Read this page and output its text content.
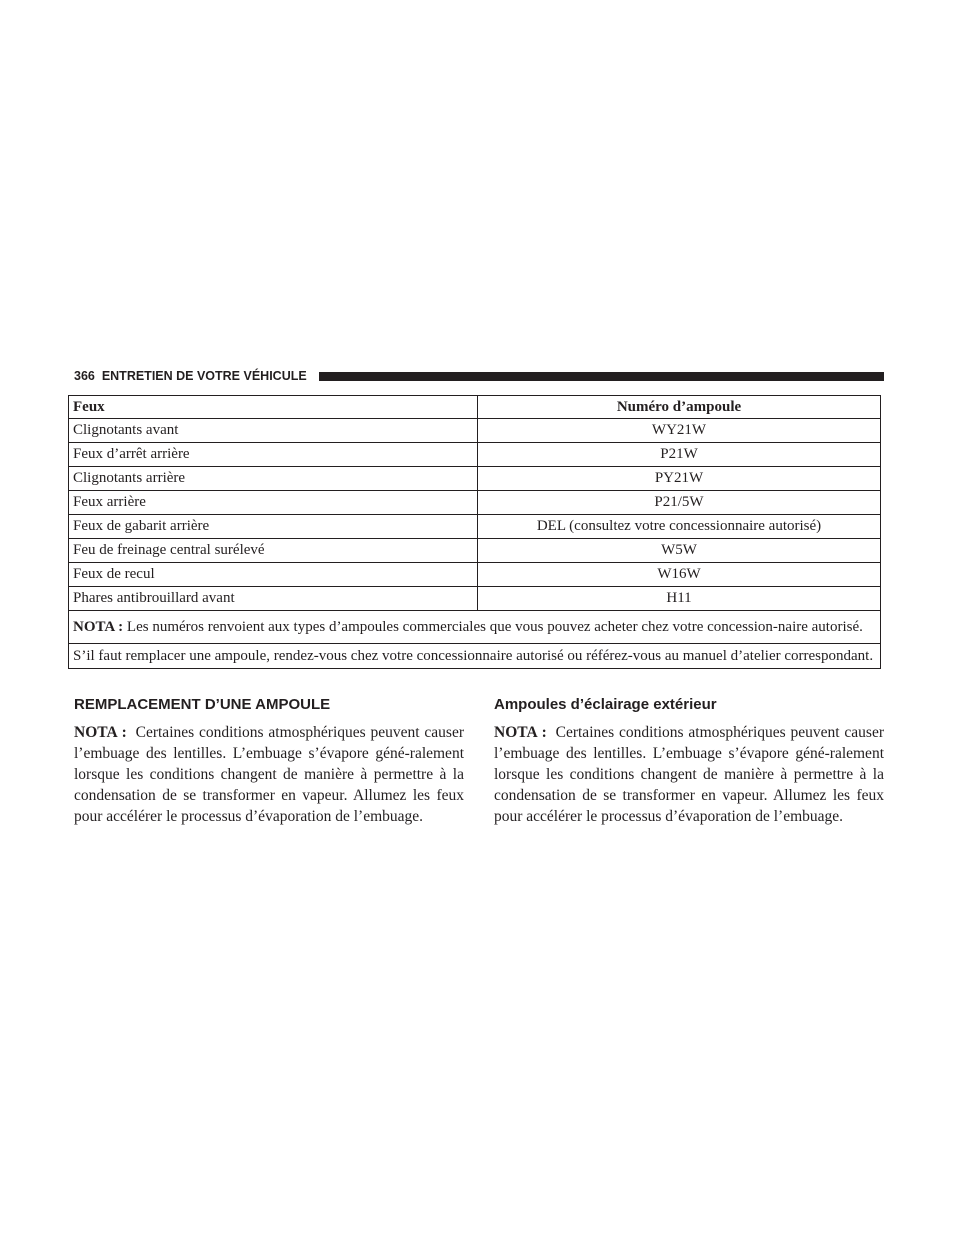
366 ENTRETIEN DE VOTRE VÉHICULE
Feux	Numéro d’ampoule
Clignotants avant	WY21W
Feux d’arrêt arrière	P21W
Clignotants arrière	PY21W
Feux arrière	P21/5W
Feux de gabarit arrière	DEL (consultez votre concessionnaire autorisé)
Feu de freinage central surélevé	W5W
Feux de recul	W16W
Phares antibrouillard avant	H11
NOTA : Les numéros renvoient aux types d’ampoules commerciales que vous pouvez acheter chez votre concession-naire autorisé.	
S’il faut remplacer une ampoule, rendez-vous chez votre concessionnaire autorisé ou référez-vous au manuel d’atelier correspondant.	
REMPLACEMENT D’UNE AMPOULE

NOTA : Certaines conditions atmosphériques peuvent causer l’embuage des lentilles. L’embuage s’évapore géné-ralement lorsque les conditions changent de manière à permettre à la condensation de se transformer en vapeur. Allumez les feux pour accélérer le processus d’évaporation de l’embuage.

Ampoules d’éclairage extérieur

NOTA : Certaines conditions atmosphériques peuvent causer l’embuage des lentilles. L’embuage s’évapore géné-ralement lorsque les conditions changent de manière à permettre à la condensation de se transformer en vapeur. Allumez les feux pour accélérer le processus d’évaporation de l’embuage.
